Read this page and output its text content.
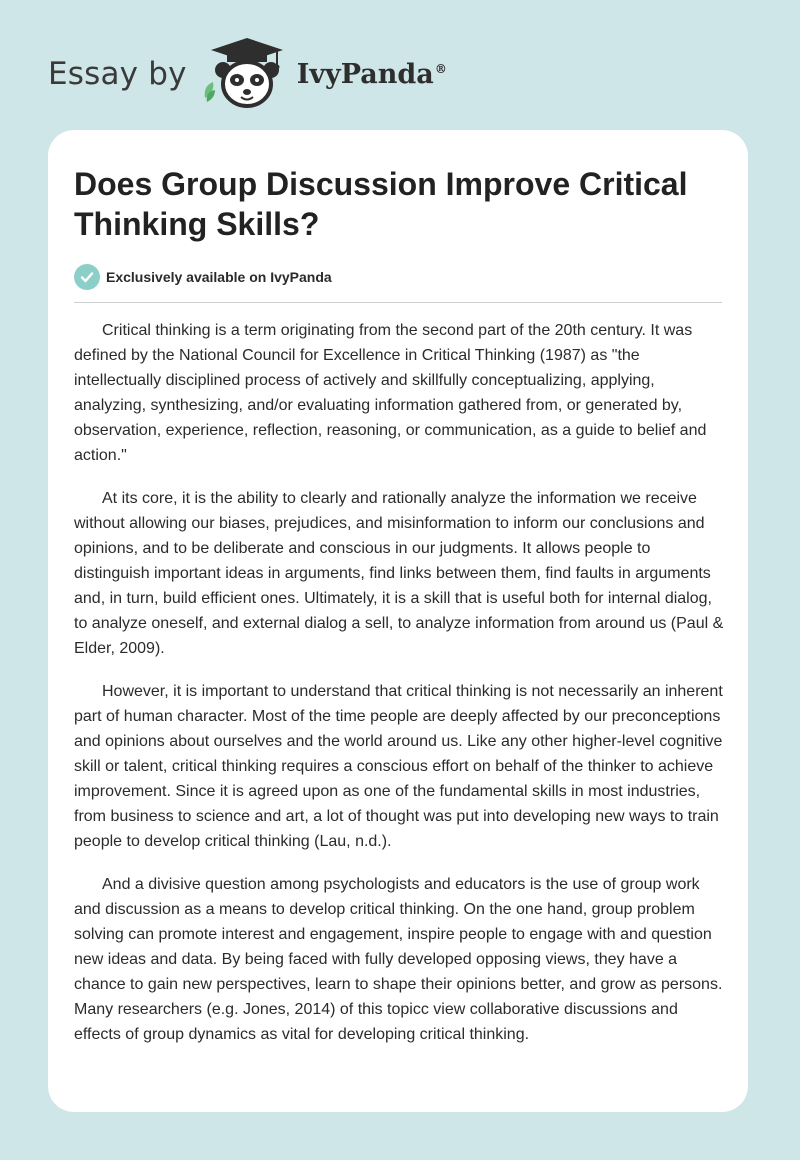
Essay by	IvyPanda®
Does Group Discussion Improve Critical Thinking Skills?
Exclusively available on IvyPanda

Critical thinking is a term originating from the second part of the 20th century. It was defined by the National Council for Excellence in Critical Thinking (1987) as "the intellectually disciplined process of actively and skillfully conceptualizing, applying, analyzing, synthesizing, and/or evaluating information gathered from, or generated by, observation, experience, reflection, reasoning, or communication, as a guide to belief and action."

At its core, it is the ability to clearly and rationally analyze the information we receive without allowing our biases, prejudices, and misinformation to inform our conclusions and opinions, and to be deliberate and conscious in our judgments. It allows people to distinguish important ideas in arguments, find links between them, find faults in arguments and, in turn, build efficient ones. Ultimately, it is a skill that is useful both for internal dialog, to analyze oneself, and external dialog a sell, to analyze information from around us (Paul & Elder, 2009).

However, it is important to understand that critical thinking is not necessarily an inherent part of human character. Most of the time people are deeply affected by our preconceptions and opinions about ourselves and the world around us. Like any other higher-level cognitive skill or talent, critical thinking requires a conscious effort on behalf of the thinker to achieve improvement. Since it is agreed upon as one of the fundamental skills in most industries, from business to science and art, a lot of thought was put into developing new ways to train people to develop critical thinking (Lau, n.d.).

And a divisive question among psychologists and educators is the use of group work and discussion as a means to develop critical thinking. On the one hand, group problem solving can promote interest and engagement, inspire people to engage with and question new ideas and data. By being faced with fully developed opposing views, they have a chance to gain new perspectives, learn to shape their opinions better, and grow as persons. Many researchers (e.g. Jones, 2014) of this topicc view collaborative discussions and effects of group dynamics as vital for developing critical thinking.
